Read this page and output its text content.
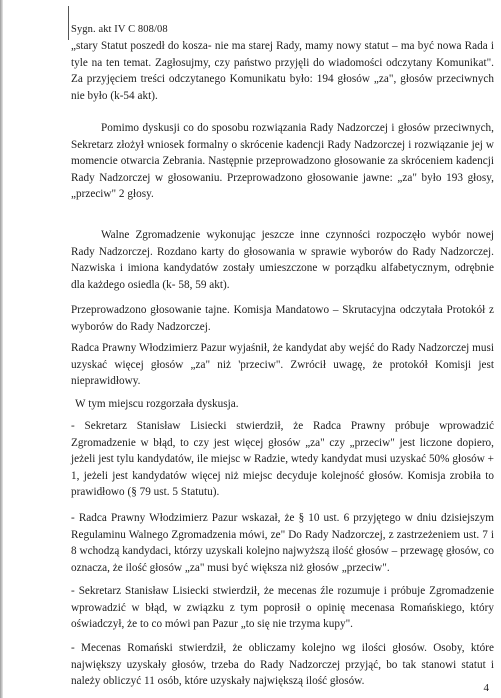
Sygn. akt IV C 808/08

„stary Statut poszedł do kosza- nie ma starej Rady, mamy nowy statut – ma być nowa Rada i tyle na ten temat. Zagłosujmy, czy państwo przyjęli do wiadomości odczytany Komunikat". Za przyjęciem treści odczytanego Komunikatu było: 194 głosów „za", głosów przeciwnych nie było (k-54 akt).

Pomimo dyskusji co do sposobu rozwiązania Rady Nadzorczej i głosów przeciwnych, Sekretarz złożył wniosek formalny o skrócenie kadencji Rady Nadzorczej i rozwiązanie jej w momencie otwarcia Zebrania. Następnie przeprowadzono głosowanie za skróceniem kadencji Rady Nadzorczej w głosowaniu. Przeprowadzono głosowanie jawne: „za" było 193 głosy, „przeciw" 2 głosy.

Walne Zgromadzenie wykonując jeszcze inne czynności rozpoczęło wybór nowej Rady Nadzorczej. Rozdano karty do głosowania w sprawie wyborów do Rady Nadzorczej. Nazwiska i imiona kandydatów zostały umieszczone w porządku alfabetycznym, odrębnie dla każdego osiedla (k- 58, 59 akt).

Przeprowadzono głosowanie tajne. Komisja Mandatowo – Skrutacyjna odczytała Protokół z wyborów do Rady Nadzorczej.

Radca Prawny Włodzimierz Pazur wyjaśnił, że kandydat aby wejść do Rady Nadzorczej musi uzyskać więcej głosów „za" niż 'przeciw". Zwrócił uwagę, że protokół Komisji jest nieprawidłowy.

W tym miejscu rozgorzała dyskusja.

- Sekretarz Stanisław Lisiecki stwierdził, że Radca Prawny próbuje wprowadzić Zgromadzenie w błąd, to czy jest więcej głosów „za" czy „przeciw" jest liczone dopiero, jeżeli jest tylu kandydatów, ile miejsc w Radzie, wtedy kandydat musi uzyskać 50% głosów + 1, jeżeli jest kandydatów więcej niż miejsc decyduje kolejność głosów. Komisja zrobiła to prawidłowo (§ 79 ust. 5 Statutu).

- Radca Prawny Włodzimierz Pazur wskazał, że § 10 ust. 6 przyjętego w dniu dzisiejszym Regulaminu Walnego Zgromadzenia mówi, ze" Do Rady Nadzorczej, z zastrzeżeniem ust. 7 i 8 wchodzą kandydaci, którzy uzyskali kolejno najwyższą ilość głosów – przewagę głosów, co oznacza, że ilość głosów „za" musi być większa niż głosów „przeciw".

- Sekretarz Stanisław Lisiecki stwierdził, że mecenas źle rozumuje i próbuje Zgromadzenie wprowadzić w błąd, w związku z tym poprosił o opinię mecenasa Romańskiego, który oświadczył, że to co mówi pan Pazur „to się nie trzyma kupy".

- Mecenas Romański stwierdził, że obliczamy kolejno wg ilości głosów. Osoby, które największy uzyskały głosów, trzeba do Rady Nadzorczej przyjąć, bo tak stanowi statut i należy obliczyć 11 osób, które uzyskały największą ilość głosów.

4
